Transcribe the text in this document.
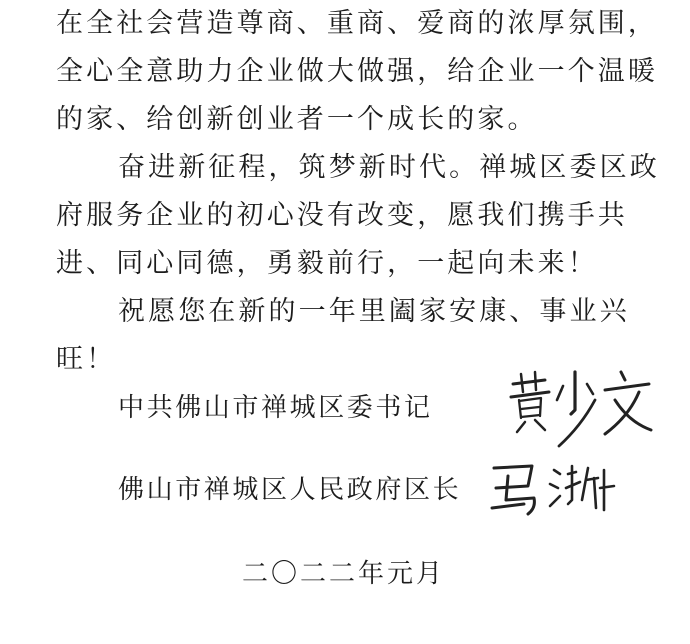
在全社会营造尊商、重商、爱商的浓厚氛围，
全心全意助力企业做大做强，给企业一个温暖
的家、给创新创业者一个成长的家。
奋进新征程，筑梦新时代。禅城区委区政
府服务企业的初心没有改变，愿我们携手共
进、同心同德，勇毅前行，一起向未来！
祝愿您在新的一年里阖家安康、事业兴
旺！
中共佛山市禅城区委书记
佛山市禅城区人民政府区长
二〇二二年元月
